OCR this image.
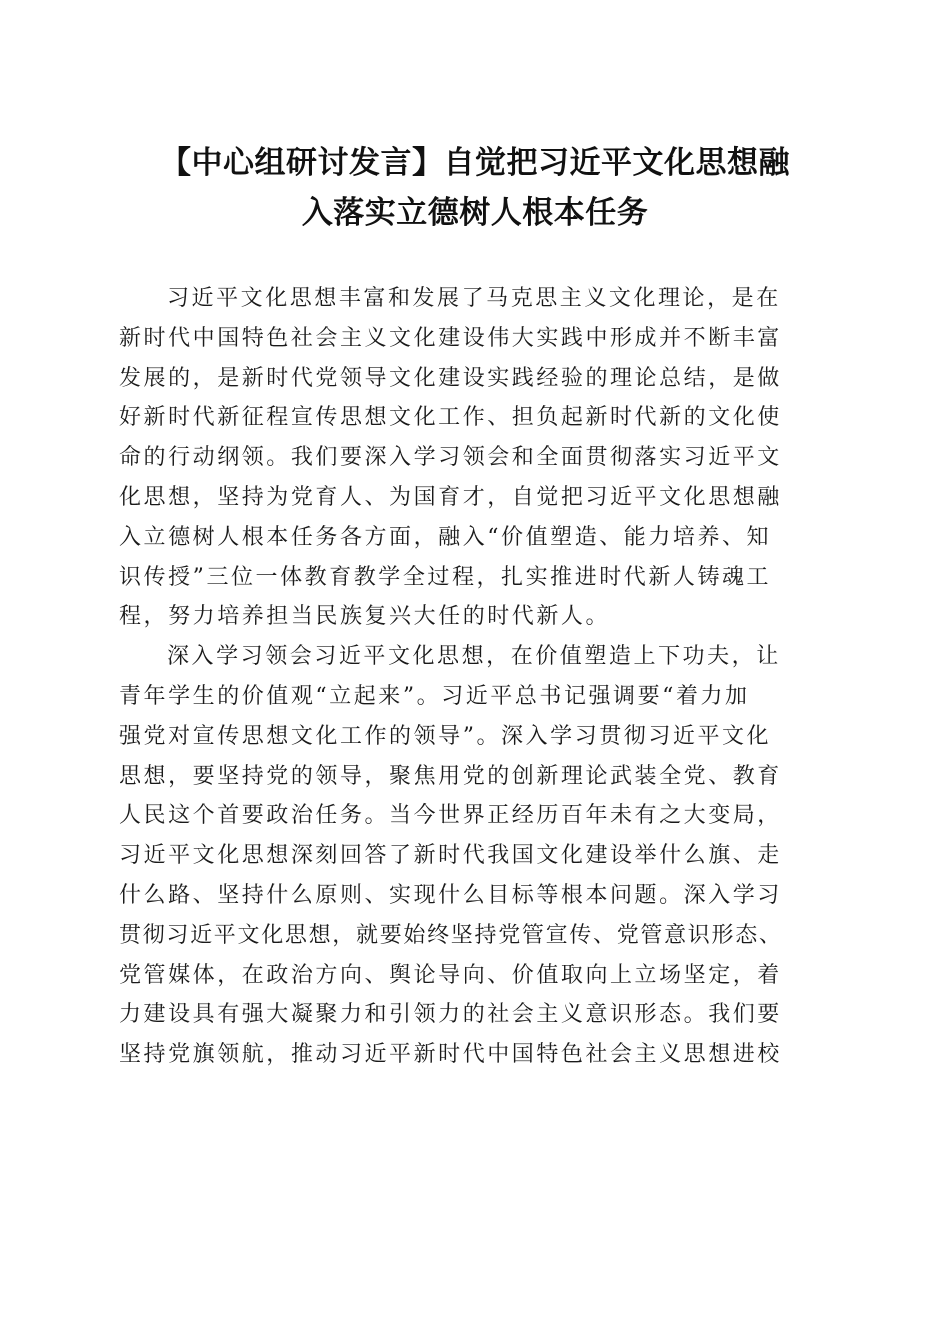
【中心组研讨发言】自觉把习近平文化思想融
入落实立德树人根本任务
习近平文化思想丰富和发展了马克思主义文化理论，是在
新时代中国特色社会主义文化建设伟大实践中形成并不断丰富
发展的，是新时代党领导文化建设实践经验的理论总结，是做
好新时代新征程宣传思想文化工作、担负起新时代新的文化使
命的行动纲领。我们要深入学习领会和全面贯彻落实习近平文
化思想，坚持为党育人、为国育才，自觉把习近平文化思想融
入立德树人根本任务各方面，融入“价值塑造、能力培养、知
识传授”三位一体教育教学全过程，扎实推进时代新人铸魂工
程，努力培养担当民族复兴大任的时代新人。
深入学习领会习近平文化思想，在价值塑造上下功夫，让
青年学生的价值观“立起来”。习近平总书记强调要“着力加
强党对宣传思想文化工作的领导”。深入学习贯彻习近平文化
思想，要坚持党的领导，聚焦用党的创新理论武装全党、教育
人民这个首要政治任务。当今世界正经历百年未有之大变局，
习近平文化思想深刻回答了新时代我国文化建设举什么旗、走
什么路、坚持什么原则、实现什么目标等根本问题。深入学习
贯彻习近平文化思想，就要始终坚持党管宣传、党管意识形态、
党管媒体，在政治方向、舆论导向、价值取向上立场坚定，着
力建设具有强大凝聚力和引领力的社会主义意识形态。我们要
坚持党旗领航，推动习近平新时代中国特色社会主义思想进校
